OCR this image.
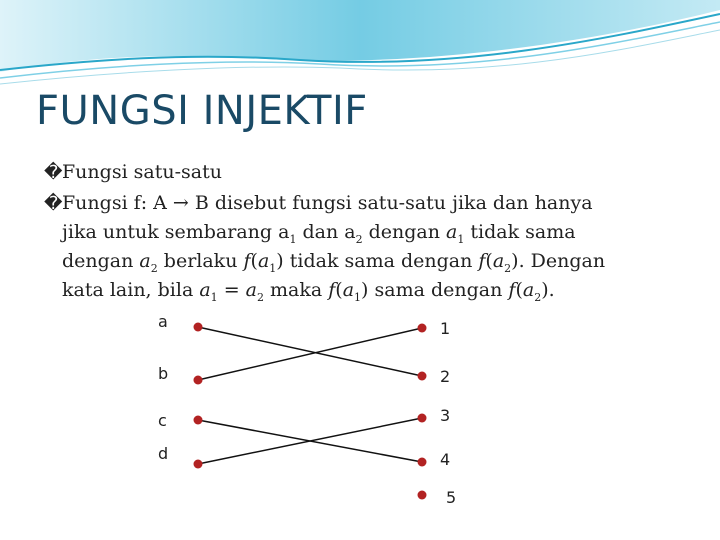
FUNGSI INJEKTIF

� Fungsi satu-satu

� Fungsi f: A → B disebut fungsi satu-satu jika dan hanya
jika untuk sembarang $a_1$ dan $a_2$ dengan $a_1$ tidak sama
dengan $a_2$ berlaku $f(a_1)$ tidak sama dengan $f(a_2)$. Dengan
kata lain, bila $a_1 = a_2$ maka $f(a_1)$ sama dengan $f(a_2)$.

a
b
c
d
1
2
3
4
5
